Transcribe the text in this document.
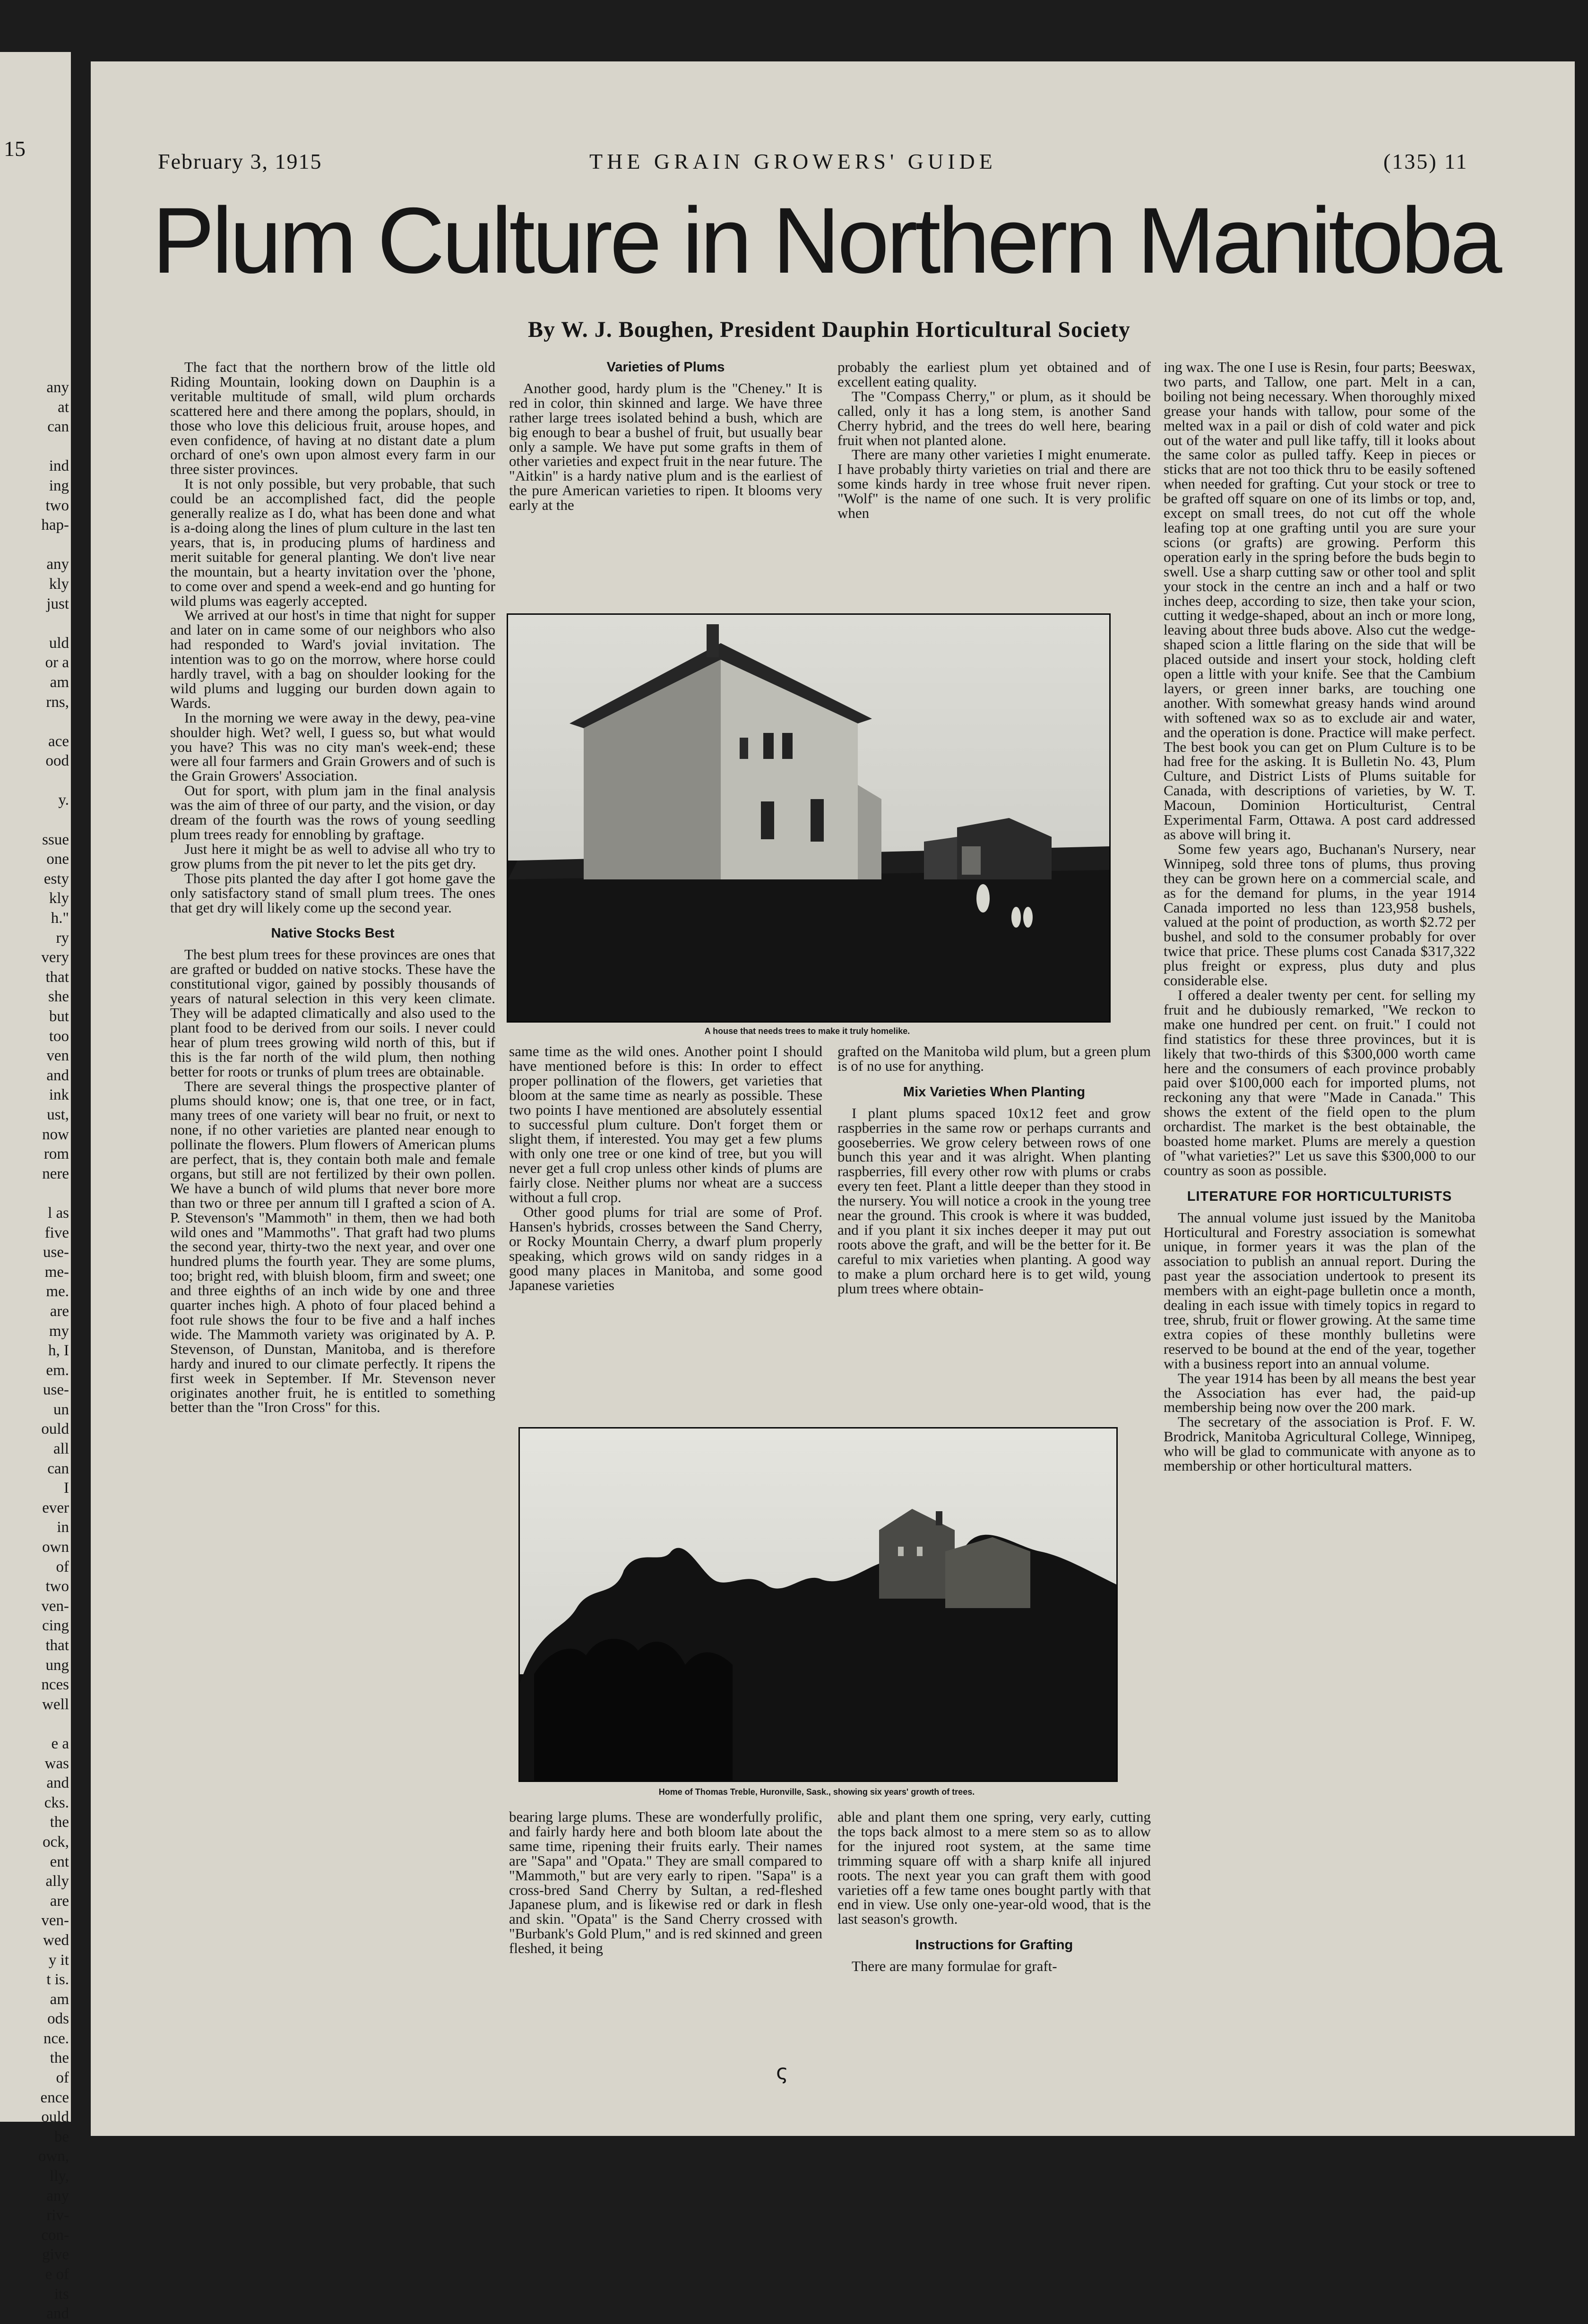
15
any
at
can

ind
ing
two
hap-

any
kly
just

uld
or a
am
rns,

ace
ood

y.

ssue
one
esty
kly
h."
ry
very
that
she
but
too
ven
and
ink
ust,
now
rom
nere

l as
five
use-
me-
me.
are
my
h, I
em.
use-
un
ould
all
can
I
ever
in
own
of
two
ven-
cing
that
ung
nces
well

e a
was
and
cks.
the
ock,
ent
ally
are
ven-
wed
y it
t is.
am
ods
nce.
the
of
ence
ould
be
own,
lly,
any
riv-
con-
give
e of
its
and
February 3, 1915	THE GRAIN GROWERS' GUIDE	(135) 11
Plum Culture in Northern Manitoba
By W. J. Boughen, President Dauphin Horticultural Society

The fact that the northern brow of the little old Riding Mountain, looking down on Dauphin is a veritable multitude of small, wild plum orchards scattered here and there among the poplars, should, in those who love this delicious fruit, arouse hopes, and even confidence, of having at no distant date a plum orchard of one's own upon almost every farm in our three sister provinces.

It is not only possible, but very probable, that such could be an accomplished fact, did the people generally realize as I do, what has been done and what is a-doing along the lines of plum culture in the last ten years, that is, in producing plums of hardiness and merit suitable for general planting. We don't live near the mountain, but a hearty invitation over the 'phone, to come over and spend a week-end and go hunting for wild plums was eagerly accepted.

We arrived at our host's in time that night for supper and later on in came some of our neighbors who also had responded to Ward's jovial invitation. The intention was to go on the morrow, where horse could hardly travel, with a bag on shoulder looking for the wild plums and lugging our burden down again to Wards.

In the morning we were away in the dewy, pea-vine shoulder high. Wet? well, I guess so, but what would you have? This was no city man's week-end; these were all four farmers and Grain Growers and of such is the Grain Growers' Association.

Out for sport, with plum jam in the final analysis was the aim of three of our party, and the vision, or day dream of the fourth was the rows of young seedling plum trees ready for ennobling by graftage.

Just here it might be as well to advise all who try to grow plums from the pit never to let the pits get dry.

Those pits planted the day after I got home gave the only satisfactory stand of small plum trees. The ones that get dry will likely come up the second year.

Native Stocks Best

The best plum trees for these provinces are ones that are grafted or budded on native stocks. These have the constitutional vigor, gained by possibly thousands of years of natural selection in this very keen climate. They will be adapted climatically and also used to the plant food to be derived from our soils. I never could hear of plum trees growing wild north of this, but if this is the far north of the wild plum, then nothing better for roots or trunks of plum trees are obtainable.

There are several things the prospective planter of plums should know; one is, that one tree, or in fact, many trees of one variety will bear no fruit, or next to none, if no other varieties are planted near enough to pollinate the flowers. Plum flowers of American plums are perfect, that is, they contain both male and female organs, but still are not fertilized by their own pollen. We have a bunch of wild plums that never bore more than two or three per annum till I grafted a scion of A. P. Stevenson's "Mammoth" in them, then we had both wild ones and "Mammoths". That graft had two plums the second year, thirty-two the next year, and over one hundred plums the fourth year. They are some plums, too; bright red, with bluish bloom, firm and sweet; one and three eighths of an inch wide by one and three quarter inches high. A photo of four placed behind a foot rule shows the four to be five and a half inches wide. The Mammoth variety was originated by A. P. Stevenson, of Dunstan, Manitoba, and is therefore hardy and inured to our climate perfectly. It ripens the first week in September. If Mr. Stevenson never originates another fruit, he is entitled to something better than the "Iron Cross" for this.

Varieties of Plums

Another good, hardy plum is the "Cheney." It is red in color, thin skinned and large. We have three rather large trees isolated behind a bush, which are big enough to bear a bushel of fruit, but usually bear only a sample. We have put some grafts in them of other varieties and expect fruit in the near future. The "Aitkin" is a hardy native plum and is the earliest of the pure American varieties to ripen. It blooms very early at the

probably the earliest plum yet obtained and of excellent eating quality.

The "Compass Cherry," or plum, as it should be called, only it has a long stem, is another Sand Cherry hybrid, and the trees do well here, bearing fruit when not planted alone.

There are many other varieties I might enumerate. I have probably thirty varieties on trial and there are some kinds hardy in tree whose fruit never ripen. "Wolf" is the name of one such. It is very prolific when

A house that needs trees to make it truly homelike.

same time as the wild ones. Another point I should have mentioned before is this: In order to effect proper pollination of the flowers, get varieties that bloom at the same time as nearly as possible. These two points I have mentioned are absolutely essential to successful plum culture. Don't forget them or slight them, if interested. You may get a few plums with only one tree or one kind of tree, but you will never get a full crop unless other kinds of plums are fairly close. Neither plums nor wheat are a success without a full crop.

Other good plums for trial are some of Prof. Hansen's hybrids, crosses between the Sand Cherry, or Rocky Mountain Cherry, a dwarf plum properly speaking, which grows wild on sandy ridges in a good many places in Manitoba, and some good Japanese varieties

grafted on the Manitoba wild plum, but a green plum is of no use for anything.

Mix Varieties When Planting

I plant plums spaced 10x12 feet and grow raspberries in the same row or perhaps currants and gooseberries. We grow celery between rows of one bunch this year and it was alright. When planting raspberries, fill every other row with plums or crabs every ten feet. Plant a little deeper than they stood in the nursery. You will notice a crook in the young tree near the ground. This crook is where it was budded, and if you plant it six inches deeper it may put out roots above the graft, and will be the better for it. Be careful to mix varieties when planting. A good way to make a plum orchard here is to get wild, young plum trees where obtain-

Home of Thomas Treble, Huronville, Sask., showing six years' growth of trees.

bearing large plums. These are wonderfully prolific, and fairly hardy here and both bloom late about the same time, ripening their fruits early. Their names are "Sapa" and "Opata." They are small compared to "Mammoth," but are very early to ripen. "Sapa" is a cross-bred Sand Cherry by Sultan, a red-fleshed Japanese plum, and is likewise red or dark in flesh and skin. "Opata" is the Sand Cherry crossed with "Burbank's Gold Plum," and is red skinned and green fleshed, it being

able and plant them one spring, very early, cutting the tops back almost to a mere stem so as to allow for the injured root system, at the same time trimming square off with a sharp knife all injured roots. The next year you can graft them with good varieties off a few tame ones bought partly with that end in view. Use only one-year-old wood, that is the last season's growth.

Instructions for Grafting

There are many formulae for graft-

ing wax. The one I use is Resin, four parts; Beeswax, two parts, and Tallow, one part. Melt in a can, boiling not being necessary. When thoroughly mixed grease your hands with tallow, pour some of the melted wax in a pail or dish of cold water and pick out of the water and pull like taffy, till it looks about the same color as pulled taffy. Keep in pieces or sticks that are not too thick thru to be easily softened when needed for grafting. Cut your stock or tree to be grafted off square on one of its limbs or top, and, except on small trees, do not cut off the whole leafing top at one grafting until you are sure your scions (or grafts) are growing. Perform this operation early in the spring before the buds begin to swell. Use a sharp cutting saw or other tool and split your stock in the centre an inch and a half or two inches deep, according to size, then take your scion, cutting it wedge-shaped, about an inch or more long, leaving about three buds above. Also cut the wedge-shaped scion a little flaring on the side that will be placed outside and insert your stock, holding cleft open a little with your knife. See that the Cambium layers, or green inner barks, are touching one another. With somewhat greasy hands wind around with softened wax so as to exclude air and water, and the operation is done. Practice will make perfect. The best book you can get on Plum Culture is to be had free for the asking. It is Bulletin No. 43, Plum Culture, and District Lists of Plums suitable for Canada, with descriptions of varieties, by W. T. Macoun, Dominion Horticulturist, Central Experimental Farm, Ottawa. A post card addressed as above will bring it.

Some few years ago, Buchanan's Nursery, near Winnipeg, sold three tons of plums, thus proving they can be grown here on a commercial scale, and as for the demand for plums, in the year 1914 Canada imported no less than 123,958 bushels, valued at the point of production, as worth $2.72 per bushel, and sold to the consumer probably for over twice that price. These plums cost Canada $317,322 plus freight or express, plus duty and plus considerable else.

I offered a dealer twenty per cent. for selling my fruit and he dubiously remarked, "We reckon to make one hundred per cent. on fruit." I could not find statistics for these three provinces, but it is likely that two-thirds of this $300,000 worth came here and the consumers of each province probably paid over $100,000 each for imported plums, not reckoning any that were "Made in Canada." This shows the extent of the field open to the plum orchardist. The market is the best obtainable, the boasted home market. Plums are merely a question of "what varieties?" Let us save this $300,000 to our country as soon as possible.

LITERATURE FOR HORTICULTURISTS

The annual volume just issued by the Manitoba Horticultural and Forestry association is somewhat unique, in former years it was the plan of the association to publish an annual report. During the past year the association undertook to present its members with an eight-page bulletin once a month, dealing in each issue with timely topics in regard to tree, shrub, fruit or flower growing. At the same time extra copies of these monthly bulletins were reserved to be bound at the end of the year, together with a business report into an annual volume.

The year 1914 has been by all means the best year the Association has ever had, the paid-up membership being now over the 200 mark.

The secretary of the association is Prof. F. W. Brodrick, Manitoba Agricultural College, Winnipeg, who will be glad to communicate with anyone as to membership or other horticultural matters.

ς
